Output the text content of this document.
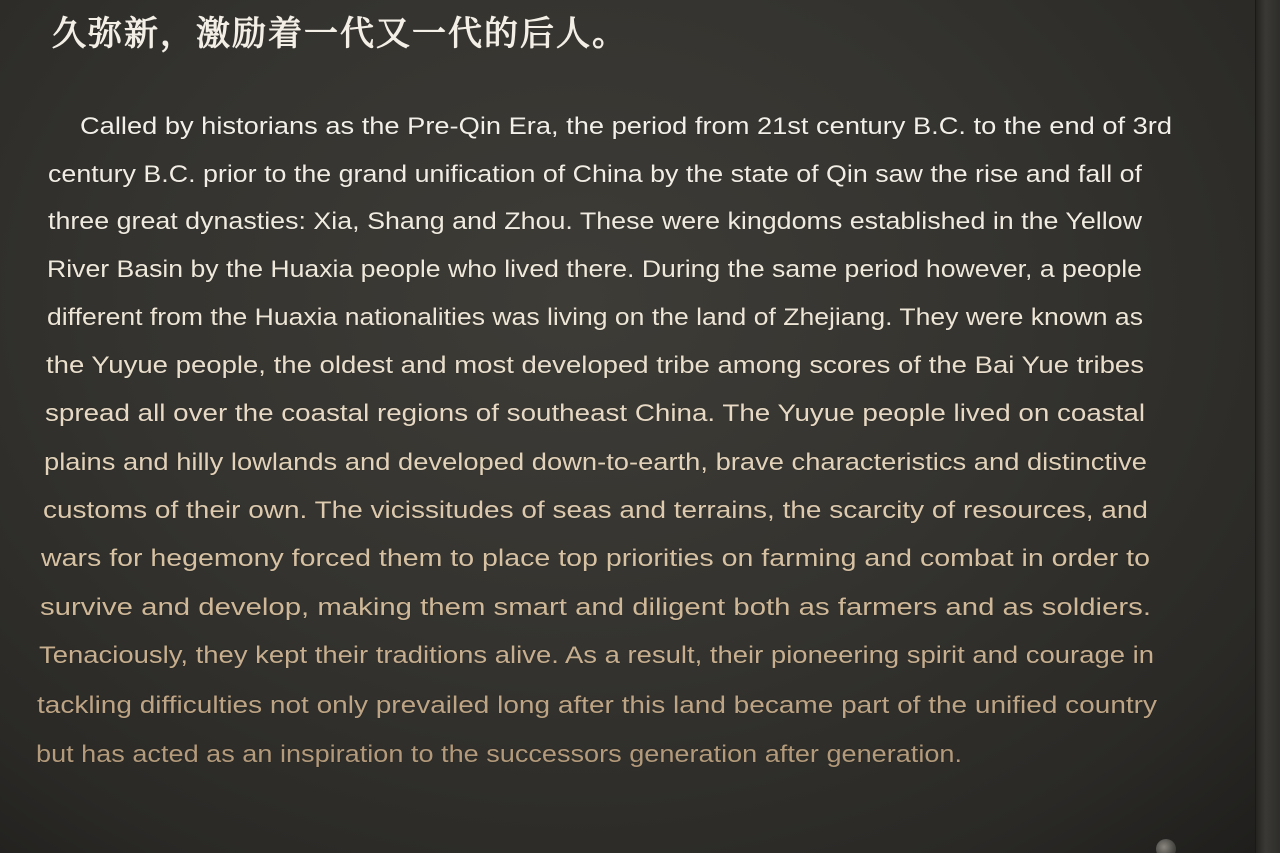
久弥新，激励着一代又一代的后人。

Called by historians as the Pre-Qin Era, the period from 21st century B.C. to the end of 3rd

century B.C. prior to the grand unification of China by the state of Qin saw the rise and fall of

three great dynasties: Xia, Shang and Zhou. These were kingdoms established in the Yellow

River Basin by the Huaxia people who lived there. During the same period however, a people

different from the Huaxia nationalities was living on the land of Zhejiang. They were known as

the Yuyue people, the oldest and most developed tribe among scores of the Bai Yue tribes

spread all over the coastal regions of southeast China. The Yuyue people lived on coastal

plains and hilly lowlands and developed down-to-earth, brave characteristics and distinctive

customs of their own. The vicissitudes of seas and terrains, the scarcity of resources, and

wars for hegemony forced them to place top priorities on farming and combat in order to

survive and develop, making them smart and diligent both as farmers and as soldiers.

Tenaciously, they kept their traditions alive. As a result, their pioneering spirit and courage in

tackling difficulties not only prevailed long after this land became part of the unified country

but has acted as an inspiration to the successors generation after generation.
